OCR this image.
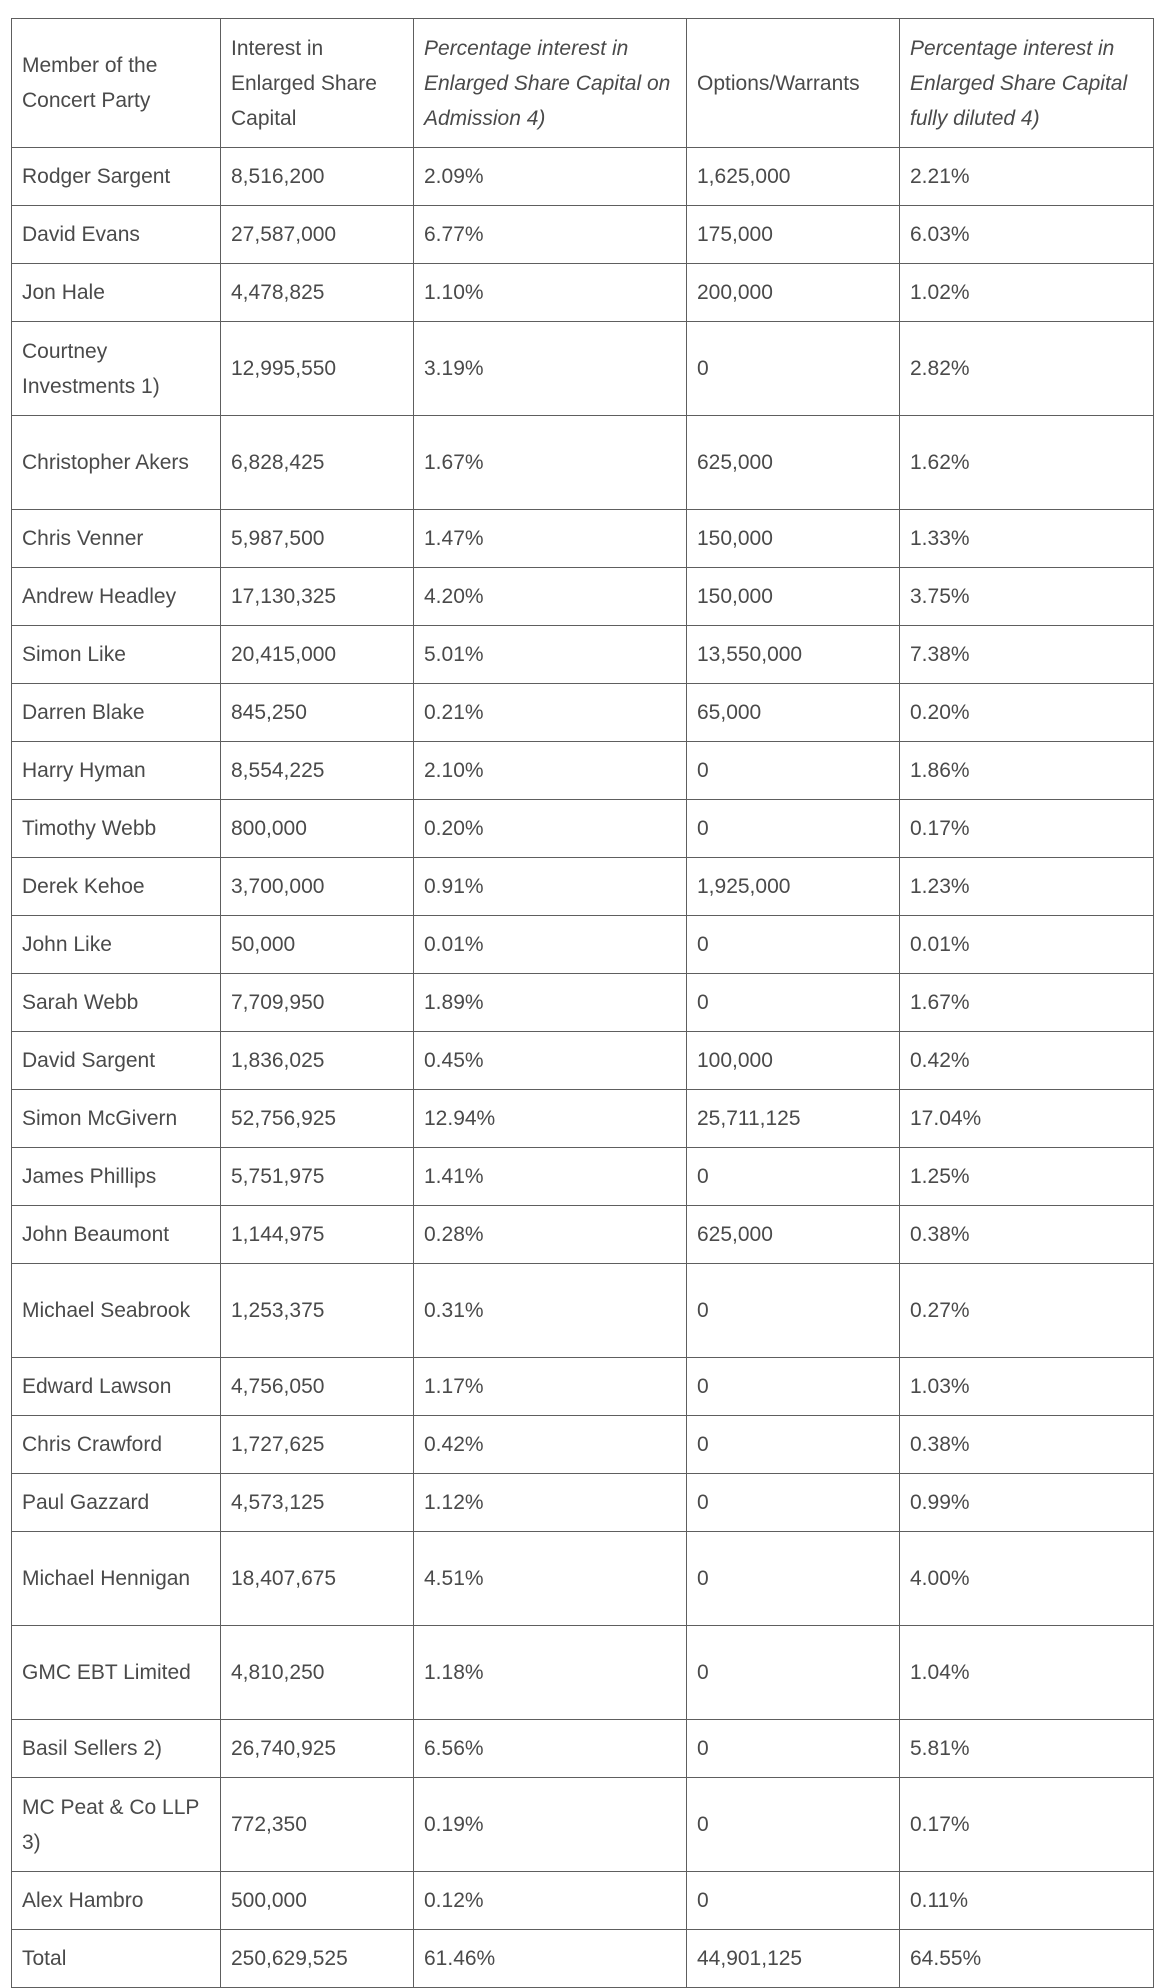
Member of the Concert Party	Interest in Enlarged Share Capital	Percentage interest in Enlarged Share Capital on Admission 4)	Options/Warrants	Percentage interest in Enlarged Share Capital fully diluted 4)
Rodger Sargent	8,516,200	2.09%	1,625,000	2.21%
David Evans	27,587,000	6.77%	175,000	6.03%
Jon Hale	4,478,825	1.10%	200,000	1.02%
Courtney Investments 1)	12,995,550	3.19%	0	2.82%
Christopher Akers	6,828,425	1.67%	625,000	1.62%
Chris Venner	5,987,500	1.47%	150,000	1.33%
Andrew Headley	17,130,325	4.20%	150,000	3.75%
Simon Like	20,415,000	5.01%	13,550,000	7.38%
Darren Blake	845,250	0.21%	65,000	0.20%
Harry Hyman	8,554,225	2.10%	0	1.86%
Timothy Webb	800,000	0.20%	0	0.17%
Derek Kehoe	3,700,000	0.91%	1,925,000	1.23%
John Like	50,000	0.01%	0	0.01%
Sarah Webb	7,709,950	1.89%	0	1.67%
David Sargent	1,836,025	0.45%	100,000	0.42%
Simon McGivern	52,756,925	12.94%	25,711,125	17.04%
James Phillips	5,751,975	1.41%	0	1.25%
John Beaumont	1,144,975	0.28%	625,000	0.38%
Michael Seabrook	1,253,375	0.31%	0	0.27%
Edward Lawson	4,756,050	1.17%	0	1.03%
Chris Crawford	1,727,625	0.42%	0	0.38%
Paul Gazzard	4,573,125	1.12%	0	0.99%
Michael Hennigan	18,407,675	4.51%	0	4.00%
GMC EBT Limited	4,810,250	1.18%	0	1.04%
Basil Sellers 2)	26,740,925	6.56%	0	5.81%
MC Peat & Co LLP 3)	772,350	0.19%	0	0.17%
Alex Hambro	500,000	0.12%	0	0.11%
Total	250,629,525	61.46%	44,901,125	64.55%
